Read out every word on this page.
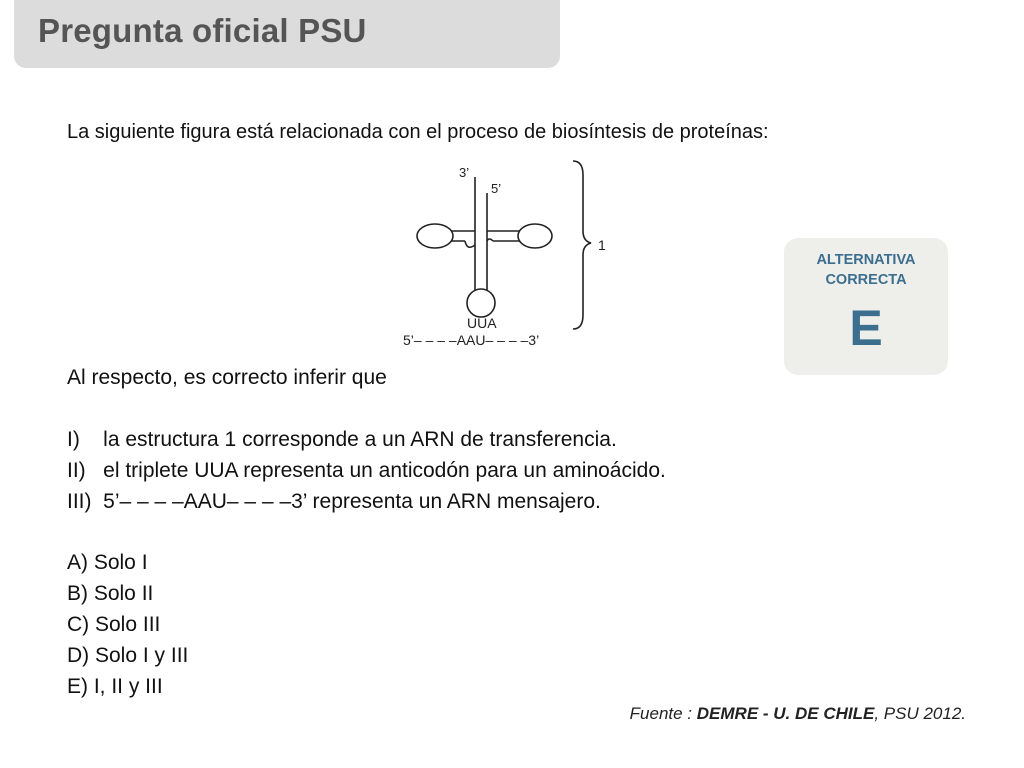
Pregunta oficial PSU
La siguiente figura está relacionada con el proceso de biosíntesis de proteínas:
3’
5’
UUA
5’– – – –AAU– – – –3’
1
ALTERNATIVA
CORRECTA
E
Al respecto, es correcto inferir que
I)    la estructura 1 corresponde a un ARN de transferencia.
II)   el triplete UUA representa un anticodón para un aminoácido.
III)  5’– – – –AAU– – – –3’ representa un ARN mensajero.
A) Solo I
B) Solo II
C) Solo III
D) Solo I y III
E) I, II y III
Fuente : DEMRE - U. DE CHILE, PSU 2012.
